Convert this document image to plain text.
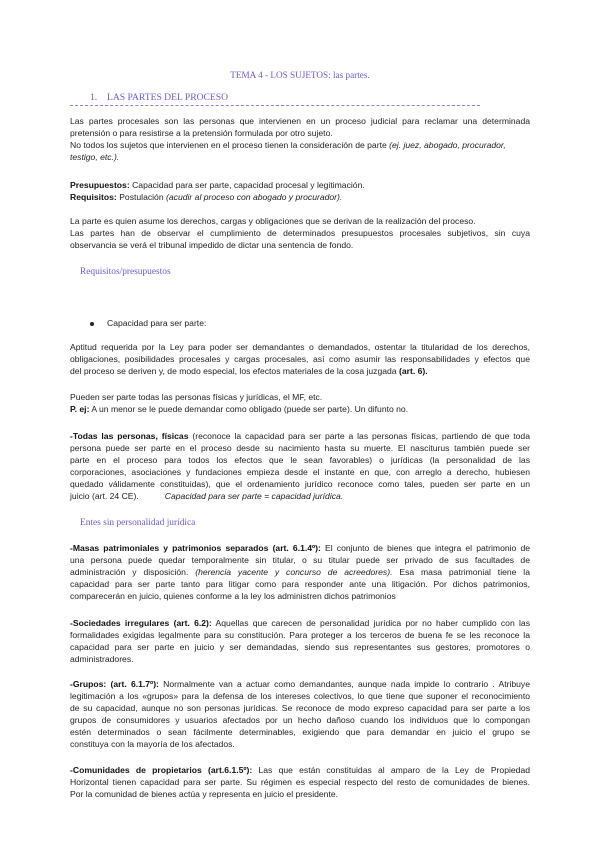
TEMA 4 - LOS SUJETOS: las partes.
1. LAS PARTES DEL PROCESO
Las partes procesales son las personas que intervienen en un proceso judicial para reclamar una determinada
pretensión o para resistirse a la pretensión formulada por otro sujeto.
No todos los sujetos que intervienen en el proceso tienen la consideración de parte (ej. juez, abogado, procurador,
testigo, etc.).
Presupuestos: Capacidad para ser parte, capacidad procesal y legitimación.
Requisitos: Postulación (acudir al proceso con abogado y procurador).
La parte es quien asume los derechos, cargas y obligaciones que se derivan de la realización del proceso.
Las partes han de observar el cumplimiento de determinados presupuestos procesales subjetivos, sin cuya
observancia se verá el tribunal impedido de dictar una sentencia de fondo.
Requisitos/presupuestos
Capacidad para ser parte:
Aptitud requerida por la Ley para poder ser demandantes o demandados, ostentar la titularidad de los derechos,
obligaciones, posibilidades procesales y cargas procesales, así como asumir las responsabilidades y efectos que
del proceso se deriven y, de modo especial, los efectos materiales de la cosa juzgada (art. 6).
Pueden ser parte todas las personas físicas y jurídicas, el MF, etc.
P. ej: A un menor se le puede demandar como obligado (puede ser parte). Un difunto no.
-Todas las personas, físicas (reconoce la capacidad para ser parte a las personas físicas, partiendo de que toda
persona puede ser parte en el proceso desde su nacimiento hasta su muerte. El nasciturus también puede ser
parte en el proceso para todos los efectos que le sean favorables) o jurídicas (la personalidad de las
corporaciones, asociaciones y fundaciones empieza desde el instante en que, con arreglo a derecho, hubiesen
quedado válidamente constituidas), que el ordenamiento jurídico reconoce como tales, pueden ser parte en un
juicio (art. 24 CE).	Capacidad para ser parte = capacidad jurídica.
Entes sin personalidad jurídica
-Masas patrimoniales y patrimonios separados (art. 6.1.4º): El conjunto de bienes que integra el patrimonio de
una persona puede quedar temporalmente sin titular, o su titular puede ser privado de sus facultades de
administración y disposición. (herencia yacente y concurso de acreedores). Esa masa patrimonial tiene la
capacidad para ser parte tanto para litigar como para responder ante una litigación. Por dichos patrimonios,
comparecerán en juicio, quienes conforme a la ley los administren dichos patrimonios
-Sociedades irregulares (art. 6.2): Aquellas que carecen de personalidad jurídica por no haber cumplido con las
formalidades exigidas legalmente para su constitución. Para proteger a los terceros de buena fe se les reconoce la
capacidad para ser parte en juicio y ser demandadas, siendo sus representantes sus gestores, promotores o
administradores.
-Grupos: (art. 6.1.7º): Normalmente van a actuar como demandantes, aunque nada impide lo contrario . Atribuye
legitimación a los «grupos» para la defensa de los intereses colectivos, lo que tiene que suponer el reconocimiento
de su capacidad, aunque no son personas jurídicas. Se reconoce de modo expreso capacidad para ser parte a los
grupos de consumidores y usuarios afectados por un hecho dañoso cuando los individuos que lo compongan
estén determinados o sean fácilmente determinables, exigiendo que para demandar en juicio el grupo se
constituya con la mayoría de los afectados.
-Comunidades de propietarios (art.6.1.5º): Las que están constituidas al amparo de la Ley de Propiedad
Horizontal tienen capacidad para ser parte. Su régimen es especial respecto del resto de comunidades de bienes.
Por la comunidad de bienes actúa y representa en juicio el presidente.
